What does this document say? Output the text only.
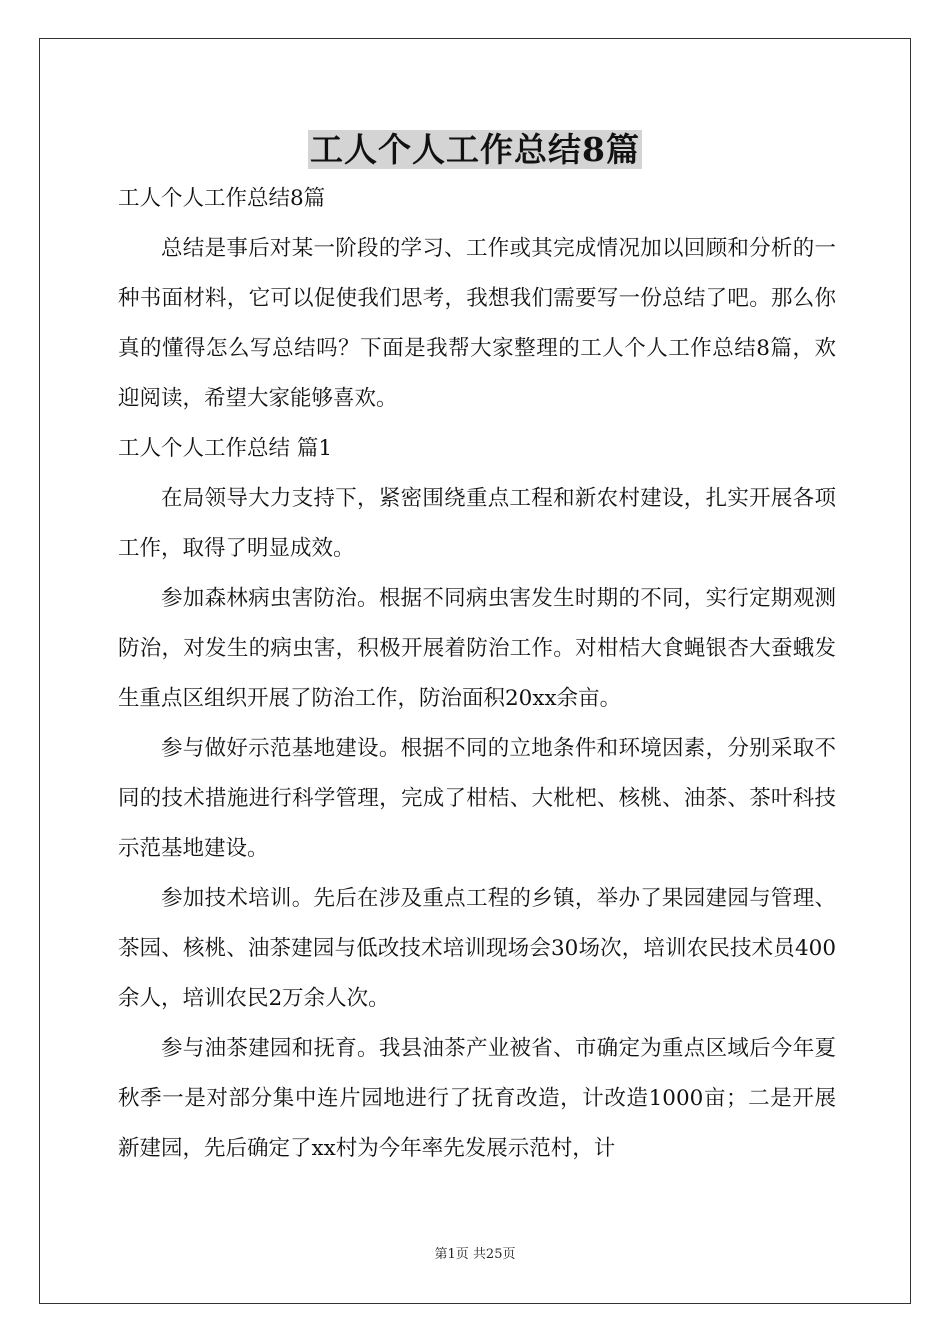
工人个人工作总结8篇

工人个人工作总结8篇

总结是事后对某一阶段的学习、工作或其完成情况加以回顾和分析的一种书面材料，它可以促使我们思考，我想我们需要写一份总结了吧。那么你真的懂得怎么写总结吗？下面是我帮大家整理的工人个人工作总结8篇，欢迎阅读，希望大家能够喜欢。

工人个人工作总结 篇1

在局领导大力支持下，紧密围绕重点工程和新农村建设，扎实开展各项工作，取得了明显成效。

参加森林病虫害防治。根据不同病虫害发生时期的不同，实行定期观测防治，对发生的病虫害，积极开展着防治工作。对柑桔大食蝇银杏大蚕蛾发生重点区组织开展了防治工作，防治面积20xx余亩。

参与做好示范基地建设。根据不同的立地条件和环境因素，分别采取不同的技术措施进行科学管理，完成了柑桔、大枇杷、核桃、油茶、茶叶科技示范基地建设。

参加技术培训。先后在涉及重点工程的乡镇，举办了果园建园与管理、茶园、核桃、油茶建园与低改技术培训现场会30场次，培训农民技术员400余人，培训农民2万余人次。

参与油茶建园和抚育。我县油茶产业被省、市确定为重点区域后今年夏秋季一是对部分集中连片园地进行了抚育改造，计改造1000亩；二是开展新建园，先后确定了xx村为今年率先发展示范村，计

第1页 共25页
